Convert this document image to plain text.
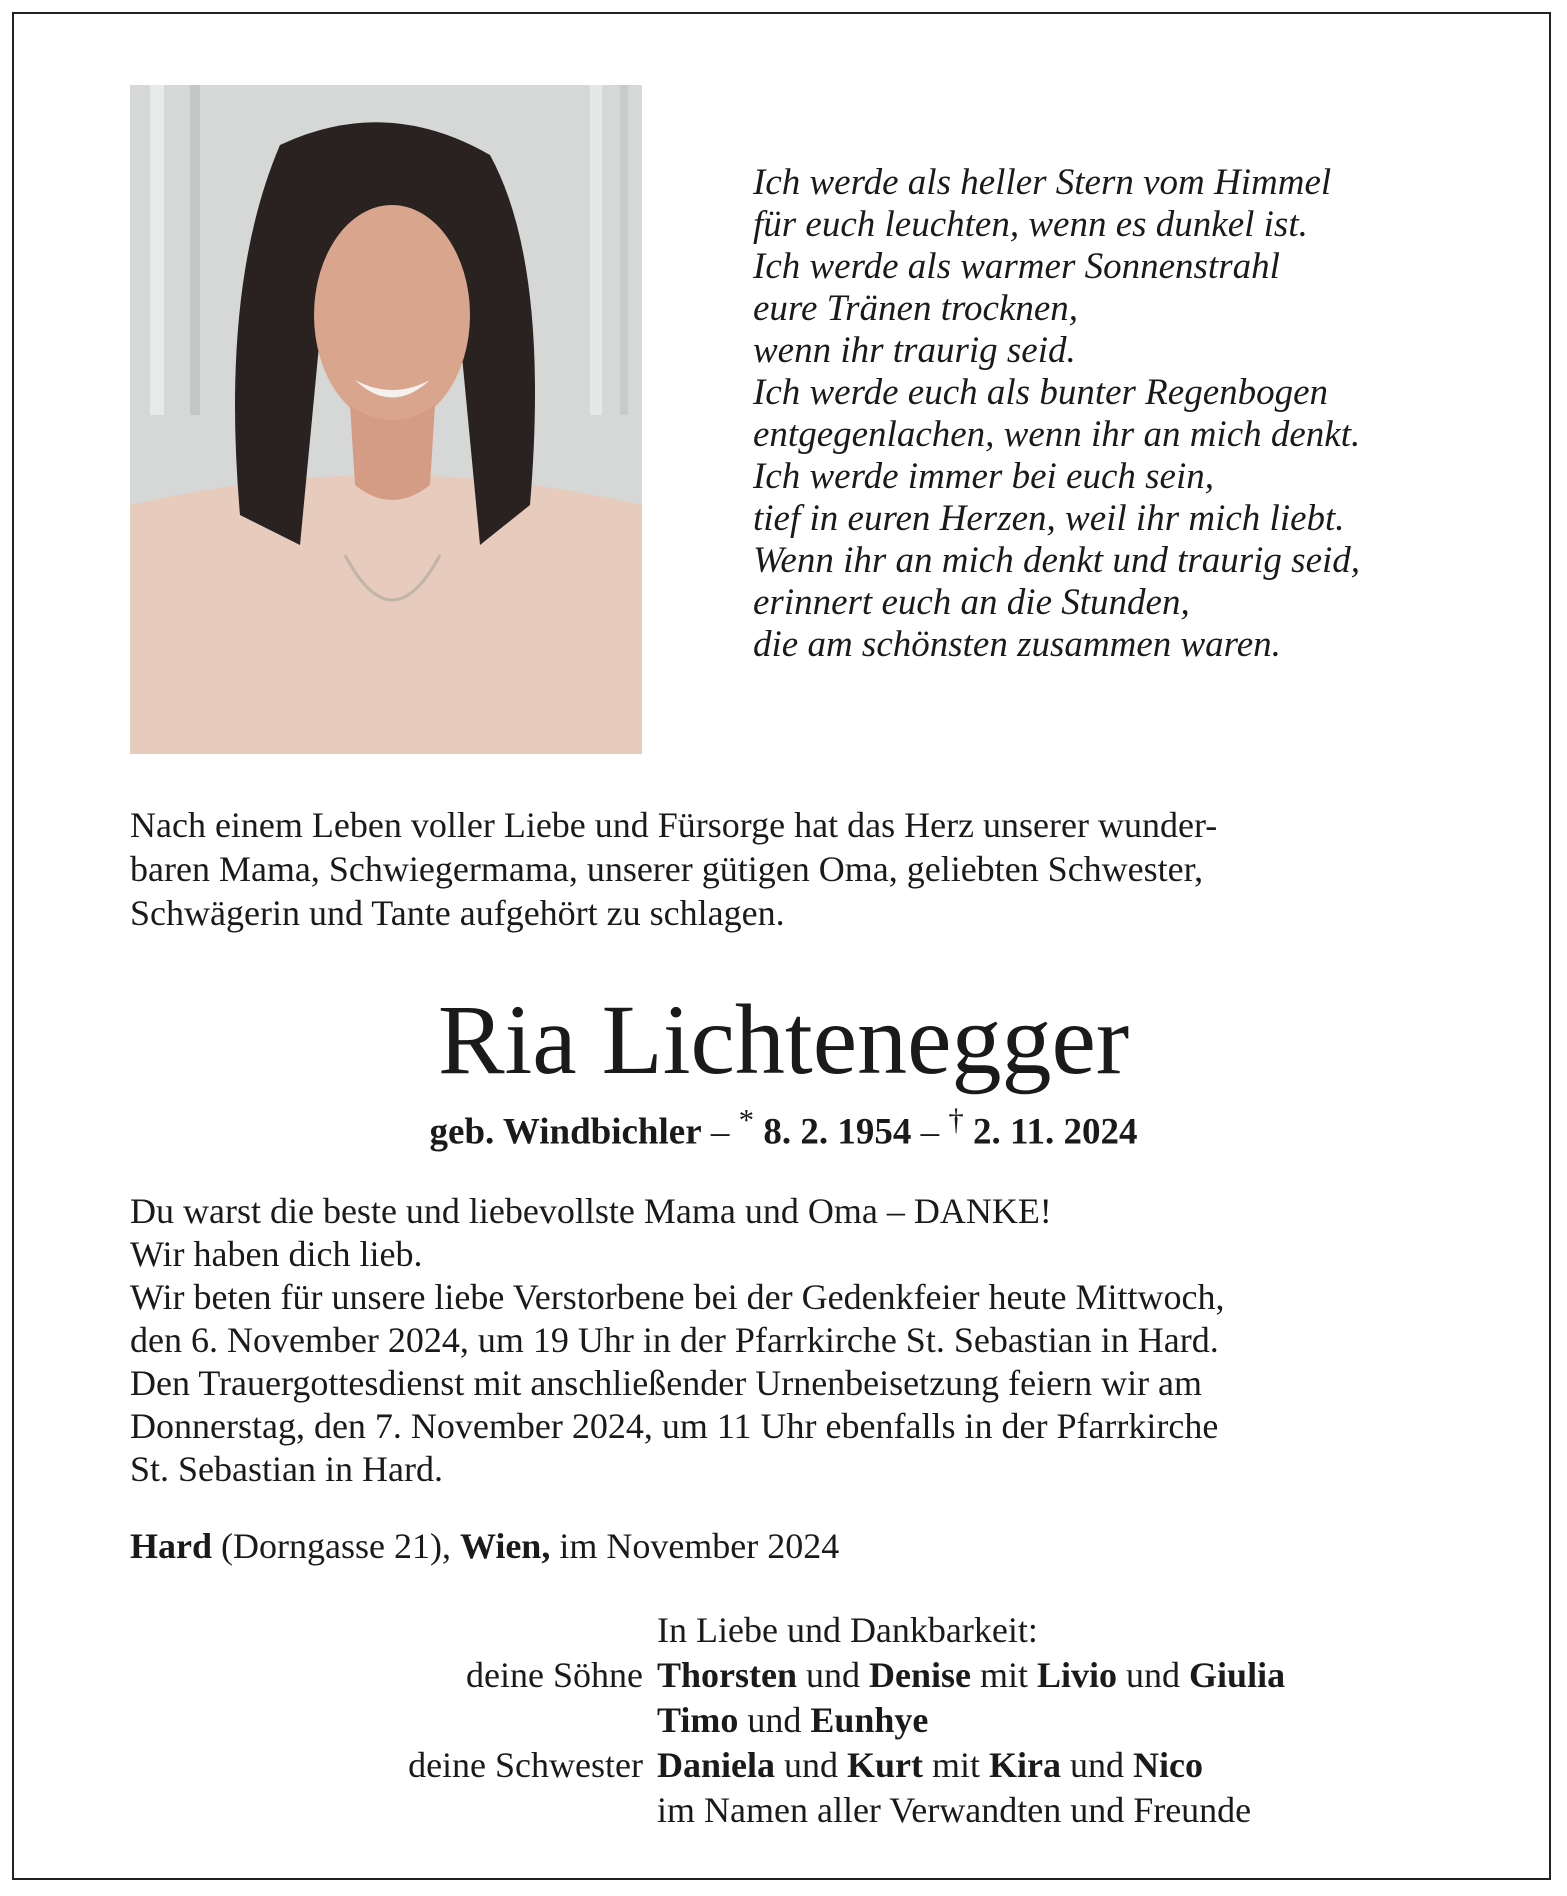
Ich werde als heller Stern vom Himmel
für euch leuchten, wenn es dunkel ist.
Ich werde als warmer Sonnenstrahl
eure Tränen trocknen,
wenn ihr traurig seid.
Ich werde euch als bunter Regenbogen
entgegenlachen, wenn ihr an mich denkt.
Ich werde immer bei euch sein,
tief in euren Herzen, weil ihr mich liebt.
Wenn ihr an mich denkt und traurig seid,
erinnert euch an die Stunden,
die am schönsten zusammen waren.
Nach einem Leben voller Liebe und Fürsorge hat das Herz unserer wunder-
baren Mama, Schwiegermama, unserer gütigen Oma, geliebten Schwester,
Schwägerin und Tante aufgehört zu schlagen.
Ria Lichtenegger
geb. Windbichler – * 8. 2. 1954 – † 2. 11. 2024
Du warst die beste und liebevollste Mama und Oma – DANKE!
Wir haben dich lieb.
Wir beten für unsere liebe Verstorbene bei der Gedenkfeier heute Mittwoch,
den 6. November 2024, um 19 Uhr in der Pfarrkirche St. Sebastian in Hard.
Den Trauergottesdienst mit anschließender Urnenbeisetzung feiern wir am
Donnerstag, den 7. November 2024, um 11 Uhr ebenfalls in der Pfarrkirche
St. Sebastian in Hard.
Hard (Dorngasse 21), Wien, im November 2024
In Liebe und Dankbarkeit:
deine Söhne Thorsten und Denise mit Livio und Giulia
Timo und Eunhye
deine Schwester Daniela und Kurt mit Kira und Nico
im Namen aller Verwandten und Freunde
